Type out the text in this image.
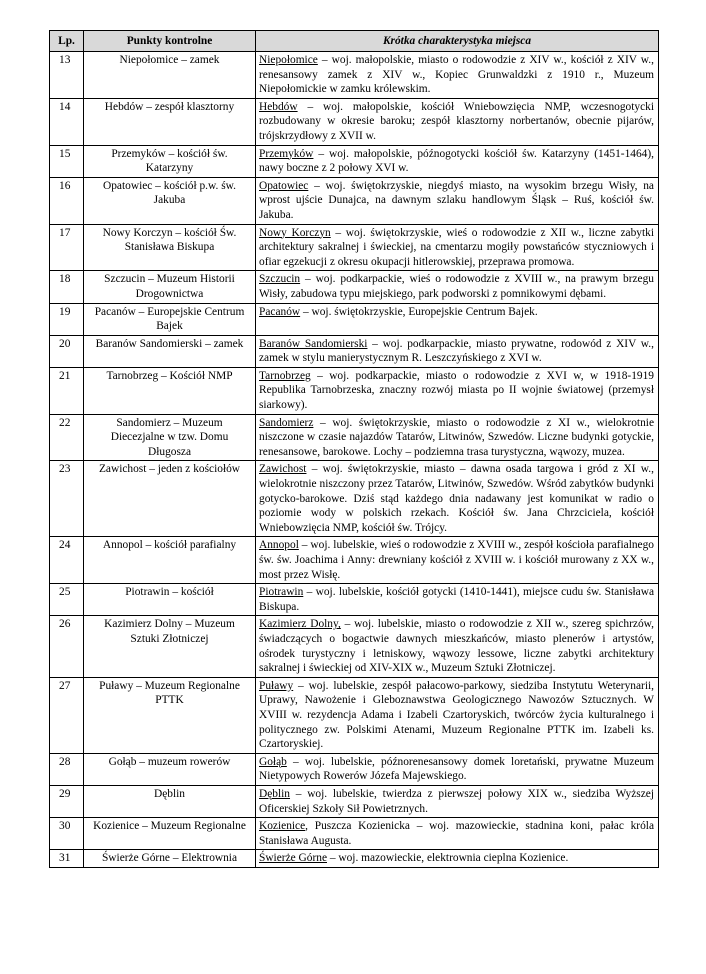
Lp.	Punkty kontrolne	Krótka charakterystyka miejsca
13	Niepołomice – zamek	Niepołomice – woj. małopolskie, miasto o rodowodzie z XIV w., kościół z XIV w., renesansowy zamek z XIV w., Kopiec Grunwaldzki z 1910 r., Muzeum Niepołomickie w zamku królewskim.
14	Hebdów – zespół klasztorny	Hebdów – woj. małopolskie, kościół Wniebowzięcia NMP, wczesnogotycki rozbudowany w okresie baroku; zespół klasztorny norbertanów, obecnie pijarów, trójskrzydłowy z XVII w.
15	Przemyków – kościół św. Katarzyny	Przemyków – woj. małopolskie, późnogotycki kościół św. Katarzyny (1451-1464), nawy boczne z 2 połowy XVI w.
16	Opatowiec – kościół p.w. św. Jakuba	Opatowiec – woj. świętokrzyskie, niegdyś miasto, na wysokim brzegu Wisły, na wprost ujście Dunajca, na dawnym szlaku handlowym Śląsk – Ruś, kościół św. Jakuba.
17	Nowy Korczyn – kościół Św. Stanisława Biskupa	Nowy Korczyn – woj. świętokrzyskie, wieś o rodowodzie z XII w., liczne zabytki architektury sakralnej i świeckiej, na cmentarzu mogiły powstańców styczniowych i ofiar egzekucji z okresu okupacji hitlerowskiej, przeprawa promowa.
18	Szczucin – Muzeum Historii Drogownictwa	Szczucin – woj. podkarpackie, wieś o rodowodzie z XVIII w., na prawym brzegu Wisły, zabudowa typu miejskiego, park podworski z pomnikowymi dębami.
19	Pacanów – Europejskie Centrum Bajek	Pacanów – woj. świętokrzyskie, Europejskie Centrum Bajek.
20	Baranów Sandomierski – zamek	Baranów Sandomierski – woj. podkarpackie, miasto prywatne, rodowód z XIV w., zamek w stylu manierystycznym R. Leszczyńskiego z XVI w.
21	Tarnobrzeg – Kościół NMP	Tarnobrzeg – woj. podkarpackie, miasto o rodowodzie z XVI w, w 1918-1919 Republika Tarnobrzeska, znaczny rozwój miasta po II wojnie światowej (przemysł siarkowy).
22	Sandomierz – Muzeum Diecezjalne w tzw. Domu Długosza	Sandomierz – woj. świętokrzyskie, miasto o rodowodzie z XI w., wielokrotnie niszczone w czasie najazdów Tatarów, Litwinów, Szwedów. Liczne budynki gotyckie, renesansowe, barokowe. Lochy – podziemna trasa turystyczna, wąwozy, muzea.
23	Zawichost – jeden z kościołów	Zawichost – woj. świętokrzyskie, miasto – dawna osada targowa i gród z XI w., wielokrotnie niszczony przez Tatarów, Litwinów, Szwedów. Wśród zabytków budynki gotycko-barokowe. Dziś stąd każdego dnia nadawany jest komunikat w radio o poziomie wody w polskich rzekach. Kościół św. Jana Chrzciciela, kościół Wniebowzięcia NMP, kościół św. Trójcy.
24	Annopol – kościół parafialny	Annopol – woj. lubelskie, wieś o rodowodzie z XVIII w., zespół kościoła parafialnego św. św. Joachima i Anny: drewniany kościół z XVIII w. i kościół murowany z XX w., most przez Wisłę.
25	Piotrawin – kościół	Piotrawin – woj. lubelskie, kościół gotycki (1410-1441), miejsce cudu św. Stanisława Biskupa.
26	Kazimierz Dolny – Muzeum Sztuki Złotniczej	Kazimierz Dolny, – woj. lubelskie, miasto o rodowodzie z XII w., szereg spichrzów, świadczących o bogactwie dawnych mieszkańców, miasto plenerów i artystów, ośrodek turystyczny i letniskowy, wąwozy lessowe, liczne zabytki architektury sakralnej i świeckiej od XIV-XIX w., Muzeum Sztuki Złotniczej.
27	Puławy – Muzeum Regionalne PTTK	Puławy – woj. lubelskie, zespół pałacowo-parkowy, siedziba Instytutu Weterynarii, Uprawy, Nawożenie i Gleboznawstwa Geologicznego Nawozów Sztucznych. W XVIII w. rezydencja Adama i Izabeli Czartoryskich, twórców życia kulturalnego i politycznego zw. Polskimi Atenami, Muzeum Regionalne PTTK im. Izabeli ks. Czartoryskiej.
28	Gołąb – muzeum rowerów	Gołąb – woj. lubelskie, późnorenesansowy domek loretański, prywatne Muzeum Nietypowych Rowerów Józefa Majewskiego.
29	Dęblin	Dęblin – woj. lubelskie, twierdza z pierwszej połowy XIX w., siedziba Wyższej Oficerskiej Szkoły Sił Powietrznych.
30	Kozienice – Muzeum Regionalne	Kozienice, Puszcza Kozienicka – woj. mazowieckie, stadnina koni, pałac króla Stanisława Augusta.
31	Świerże Górne – Elektrownia	Świerże Górne – woj. mazowieckie, elektrownia cieplna Kozienice.
